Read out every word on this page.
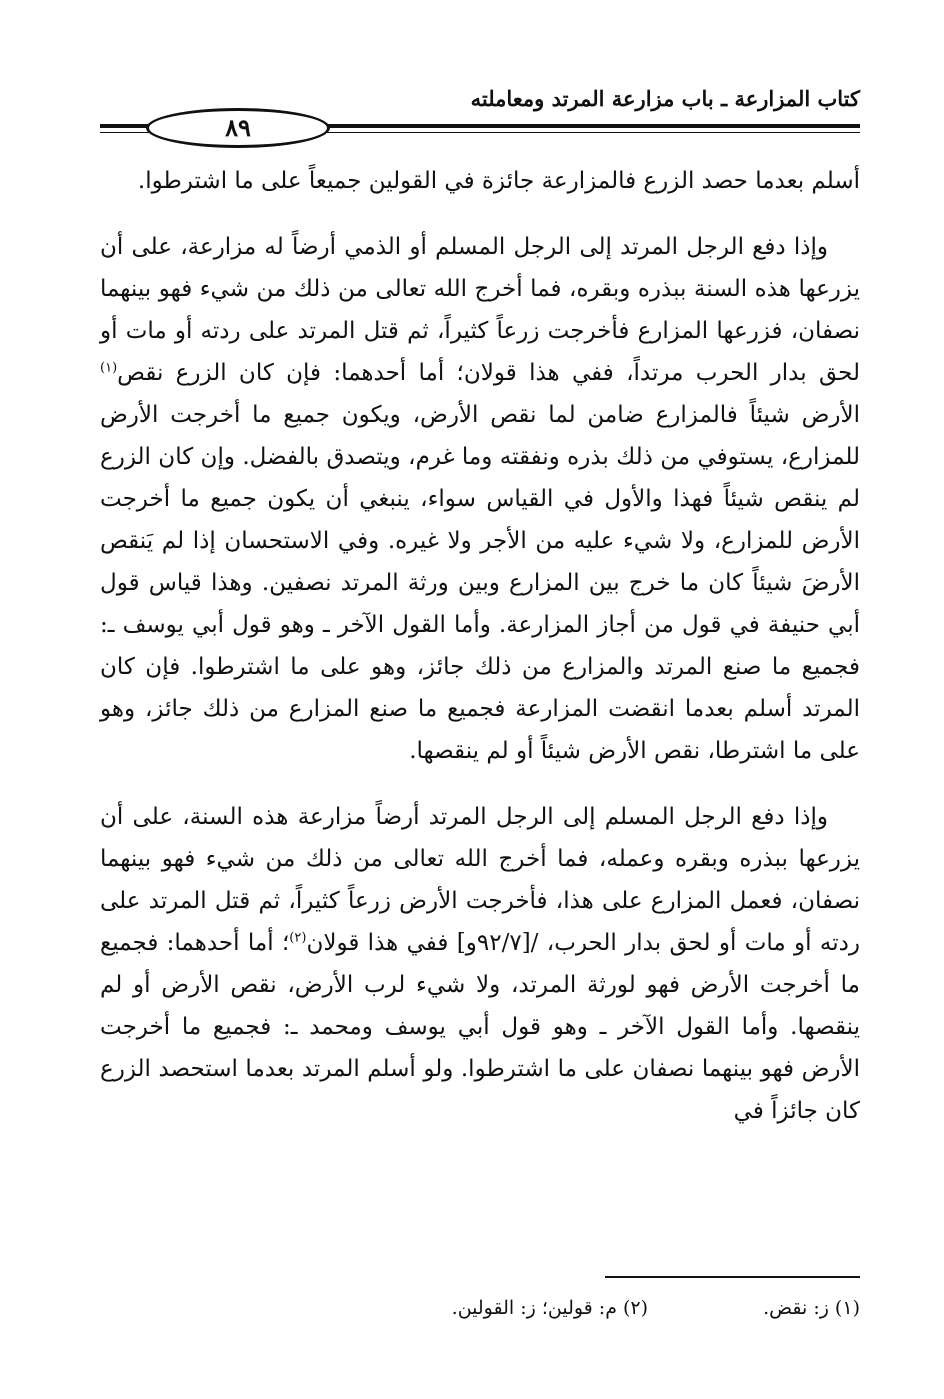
كتاب المزارعة ـ باب مزارعة المرتد ومعاملته
٨٩

أسلم بعدما حصد الزرع فالمزارعة جائزة في القولين جميعاً على ما اشترطوا.

وإذا دفع الرجل المرتد إلى الرجل المسلم أو الذمي أرضاً له مزارعة، على أن يزرعها هذه السنة ببذره وبقره، فما أخرج الله تعالى من ذلك من شيء فهو بينهما نصفان، فزرعها المزارع فأخرجت زرعاً كثيراً، ثم قتل المرتد على ردته أو مات أو لحق بدار الحرب مرتداً، ففي هذا قولان؛ أما أحدهما: فإن كان الزرع نقص$^{(١)}$ الأرض شيئاً فالمزارع ضامن لما نقص الأرض، ويكون جميع ما أخرجت الأرض للمزارع، يستوفي من ذلك بذره ونفقته وما غرم، ويتصدق بالفضل. وإن كان الزرع لم ينقص شيئاً فهذا والأول في القياس سواء، ينبغي أن يكون جميع ما أخرجت الأرض للمزارع، ولا شيء عليه من الأجر ولا غيره. وفي الاستحسان إذا لم يَنقص الأرضَ شيئاً كان ما خرج بين المزارع وبين ورثة المرتد نصفين. وهذا قياس قول أبي حنيفة في قول من أجاز المزارعة. وأما القول الآخر ـ وهو قول أبي يوسف ـ: فجميع ما صنع المرتد والمزارع من ذلك جائز، وهو على ما اشترطوا. فإن كان المرتد أسلم بعدما انقضت المزارعة فجميع ما صنع المزارع من ذلك جائز، وهو على ما اشترطا، نقص الأرض شيئاً أو لم ينقصها.

وإذا دفع الرجل المسلم إلى الرجل المرتد أرضاً مزارعة هذه السنة، على أن يزرعها ببذره وبقره وعمله، فما أخرج الله تعالى من ذلك من شيء فهو بينهما نصفان، فعمل المزارع على هذا، فأخرجت الأرض زرعاً كثيراً، ثم قتل المرتد على ردته أو مات أو لحق بدار الحرب، /[٩٢/٧و] ففي هذا قولان$^{(٢)}$؛ أما أحدهما: فجميع ما أخرجت الأرض فهو لورثة المرتد، ولا شيء لرب الأرض، نقص الأرض أو لم ينقصها. وأما القول الآخر ـ وهو قول أبي يوسف ومحمد ـ: فجميع ما أخرجت الأرض فهو بينهما نصفان على ما اشترطوا. ولو أسلم المرتد بعدما استحصد الزرع كان جائزاً في

(١) ز: نقض.(٢) م: قولين؛ ز: القولين.
